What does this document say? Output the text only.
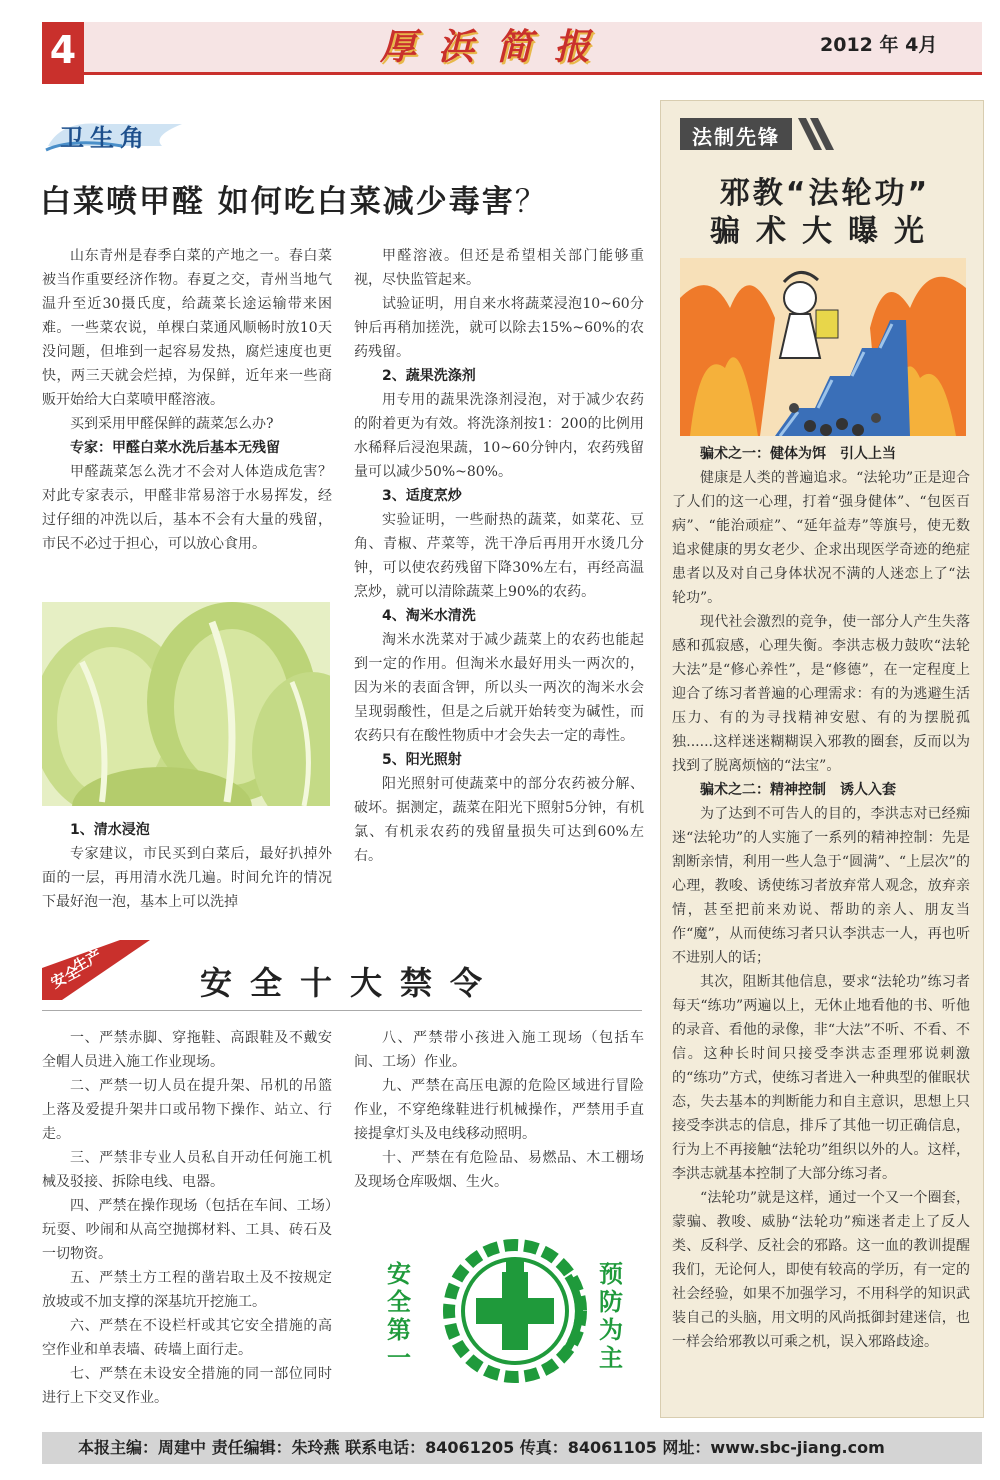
4	厚浜简报	2012 年 4月
卫生角
白菜喷甲醛 如何吃白菜减少毒害？

山东青州是春季白菜的产地之一。春白菜被当作重要经济作物。春夏之交，青州当地气温升至近30摄氏度，给蔬菜长途运输带来困难。一些菜农说，单棵白菜通风顺畅时放10天没问题，但堆到一起容易发热，腐烂速度也更快，两三天就会烂掉，为保鲜，近年来一些商贩开始给大白菜喷甲醛溶液。

买到采用甲醛保鲜的蔬菜怎么办?

专家：甲醛白菜水洗后基本无残留

甲醛蔬菜怎么洗才不会对人体造成危害？对此专家表示，甲醛非常易溶于水易挥发，经过仔细的冲洗以后，基本不会有大量的残留，市民不必过于担心，可以放心食用。

1、清水浸泡

专家建议，市民买到白菜后，最好扒掉外面的一层，再用清水洗几遍。时间允许的情况下最好泡一泡，基本上可以洗掉

甲醛溶液。但还是希望相关部门能够重视，尽快监管起来。

试验证明，用自来水将蔬菜浸泡10~60分钟后再稍加搓洗，就可以除去15%~60%的农药残留。

2、蔬果洗涤剂

用专用的蔬果洗涤剂浸泡，对于减少农药的附着更为有效。将洗涤剂按1：200的比例用水稀释后浸泡果蔬，10~60分钟内，农药残留量可以减少50%~80%。

3、适度烹炒

实验证明，一些耐热的蔬菜，如菜花、豆角、青椒、芹菜等，洗干净后再用开水烫几分钟，可以使农药残留下降30%左右，再经高温烹炒，就可以清除蔬菜上90%的农药。

4、淘米水清洗

淘米水洗菜对于减少蔬菜上的农药也能起到一定的作用。但淘米水最好用头一两次的，因为米的表面含钾，所以头一两次的淘米水会呈现弱酸性，但是之后就开始转变为碱性，而农药只有在酸性物质中才会失去一定的毒性。

5、阳光照射

阳光照射可使蔬菜中的部分农药被分解、破坏。据测定，蔬菜在阳光下照射5分钟，有机氯、有机汞农药的残留量损失可达到60%左右。

安全
生产
安全十大禁令

一、严禁赤脚、穿拖鞋、高跟鞋及不戴安全帽人员进入施工作业现场。

二、严禁一切人员在提升架、吊机的吊篮上落及爱提升架井口或吊物下操作、站立、行走。

三、严禁非专业人员私自开动任何施工机械及驳接、拆除电线、电器。

四、严禁在操作现场（包括在车间、工场）玩耍、吵闹和从高空抛掷材料、工具、砖石及一切物资。

五、严禁土方工程的凿岩取土及不按规定放坡或不加支撑的深基坑开挖施工。

六、严禁在不设栏杆或其它安全措施的高空作业和单表墙、砖墙上面行走。

七、严禁在未设安全措施的同一部位同时进行上下交叉作业。

八、严禁带小孩进入施工现场（包括车间、工场）作业。

九、严禁在高压电源的危险区域进行冒险作业，不穿绝缘鞋进行机械操作，严禁用手直接提拿灯头及电线移动照明。

十、严禁在有危险品、易燃品、木工棚场及现场仓库吸烟、生火。

安
全
第
一
预
防
为
主
法制先锋
邪教“法轮功”
骗术大曝光

骗术之一：健体为饵　引人上当

健康是人类的普遍追求。“法轮功”正是迎合了人们的这一心理，打着“强身健体”、“包医百病”、“能治顽症”、“延年益寿”等旗号，使无数追求健康的男女老少、企求出现医学奇迹的绝症患者以及对自己身体状况不满的人迷恋上了“法轮功”。

现代社会激烈的竞争，使一部分人产生失落感和孤寂感，心理失衡。李洪志极力鼓吹“法轮大法”是“修心养性”，是“修德”，在一定程度上迎合了练习者普遍的心理需求：有的为逃避生活压力、有的为寻找精神安慰、有的为摆脱孤独......这样迷迷糊糊误入邪教的圈套，反而以为找到了脱离烦恼的“法宝”。

骗术之二：精神控制　诱人入套

为了达到不可告人的目的，李洪志对已经痴迷“法轮功”的人实施了一系列的精神控制：先是割断亲情，利用一些人急于“圆满”、“上层次”的心理，教唆、诱使练习者放弃常人观念，放弃亲情，甚至把前来劝说、帮助的亲人、朋友当作“魔”，从而使练习者只认李洪志一人，再也听不进别人的话；

其次，阻断其他信息，要求“法轮功”练习者每天“练功”两遍以上，无休止地看他的书、听他的录音、看他的录像，非“大法”不听、不看、不信。这种长时间只接受李洪志歪理邪说刺激的“练功”方式，使练习者进入一种典型的催眠状态，失去基本的判断能力和自主意识，思想上只接受李洪志的信息，排斥了其他一切正确信息，行为上不再接触“法轮功”组织以外的人。这样，李洪志就基本控制了大部分练习者。

“法轮功”就是这样，通过一个又一个圈套，蒙骗、教唆、威胁“法轮功”痴迷者走上了反人类、反科学、反社会的邪路。这一血的教训提醒我们，无论何人，即使有较高的学历，有一定的社会经验，如果不加强学习，不用科学的知识武装自己的头脑，用文明的风尚抵御封建迷信，也一样会给邪教以可乘之机，误入邪路歧途。

本报主编：周建中 责任编辑：朱玲燕 联系电话：84061205 传真：84061105 网址：www.sbc-jiang.com
